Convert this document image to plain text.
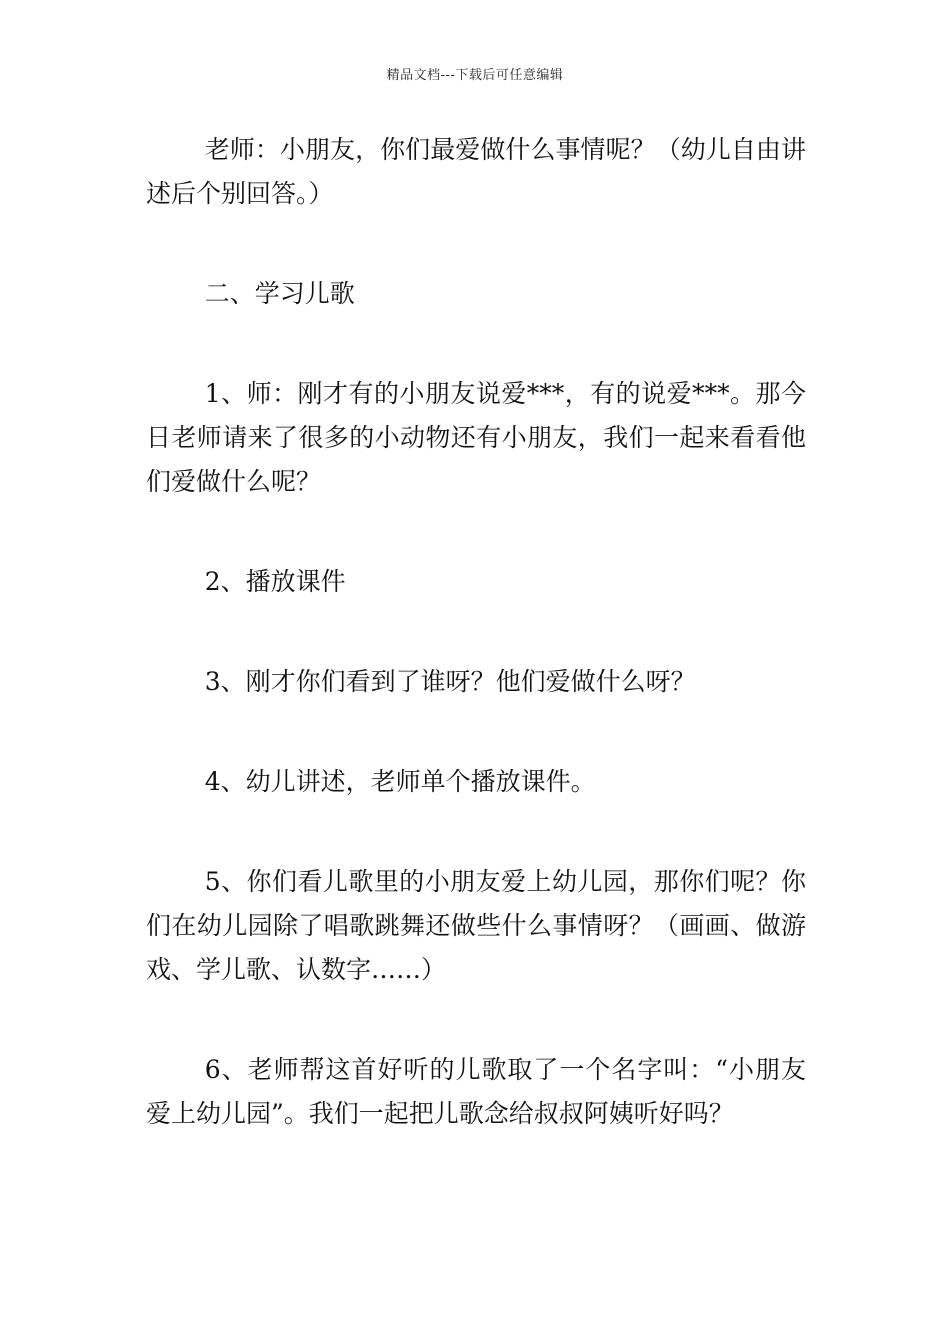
精品文档---下载后可任意编辑

老师：小朋友，你们最爱做什么事情呢？（幼儿自由讲述后个别回答。）

二、学习儿歌

1、师：刚才有的小朋友说爱***，有的说爱***。那今日老师请来了很多的小动物还有小朋友，我们一起来看看他们爱做什么呢？

2、播放课件

3、刚才你们看到了谁呀？他们爱做什么呀？

4、幼儿讲述，老师单个播放课件。

5、你们看儿歌里的小朋友爱上幼儿园，那你们呢？你们在幼儿园除了唱歌跳舞还做些什么事情呀？（画画、做游戏、学儿歌、认数字……）

6、老师帮这首好听的儿歌取了一个名字叫：“小朋友爱上幼儿园”。我们一起把儿歌念给叔叔阿姨听好吗？
